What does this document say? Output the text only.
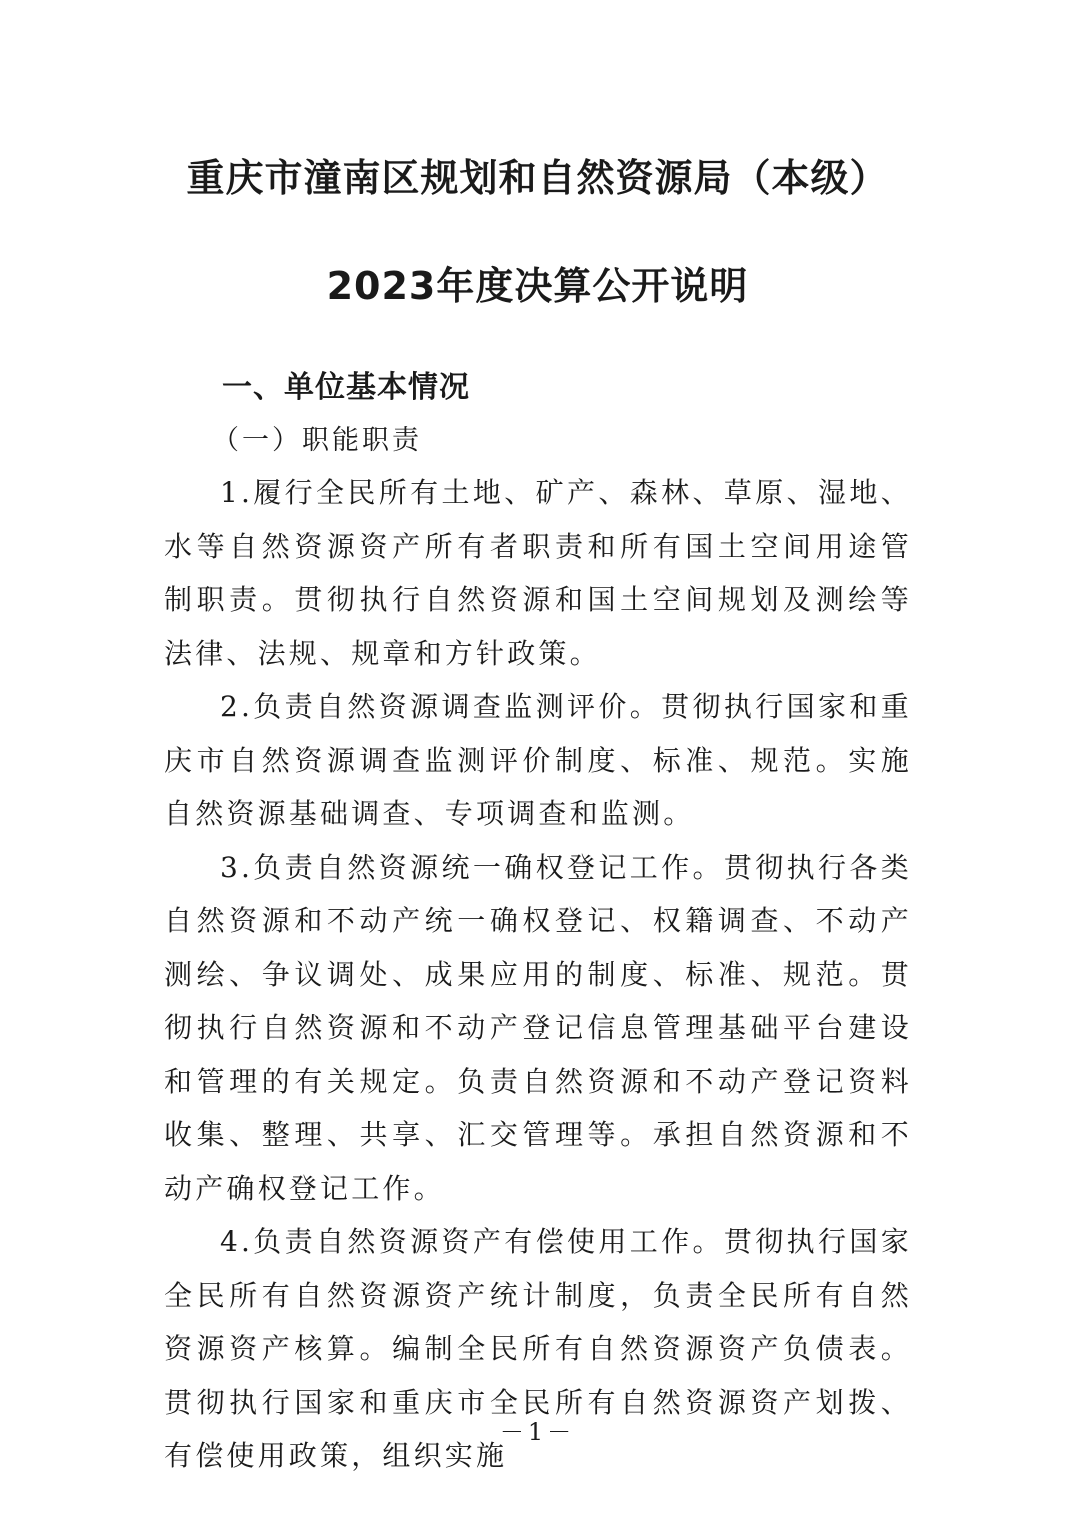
重庆市潼南区规划和自然资源局（本级）
2023年度决算公开说明
一、单位基本情况
（一）职能职责

1.履行全民所有土地、矿产、森林、草原、湿地、水等自然资源资产所有者职责和所有国土空间用途管制职责。贯彻执行自然资源和国土空间规划及测绘等法律、法规、规章和方针政策。

2.负责自然资源调查监测评价。贯彻执行国家和重庆市自然资源调查监测评价制度、标准、规范。实施自然资源基础调查、专项调查和监测。

3.负责自然资源统一确权登记工作。贯彻执行各类自然资源和不动产统一确权登记、权籍调查、不动产测绘、争议调处、成果应用的制度、标准、规范。贯彻执行自然资源和不动产登记信息管理基础平台建设和管理的有关规定。负责自然资源和不动产登记资料收集、整理、共享、汇交管理等。承担自然资源和不动产确权登记工作。

4.负责自然资源资产有偿使用工作。贯彻执行国家全民所有自然资源资产统计制度，负责全民所有自然资源资产核算。编制全民所有自然资源资产负债表。贯彻执行国家和重庆市全民所有自然资源资产划拨、有偿使用政策，组织实施

－1－
